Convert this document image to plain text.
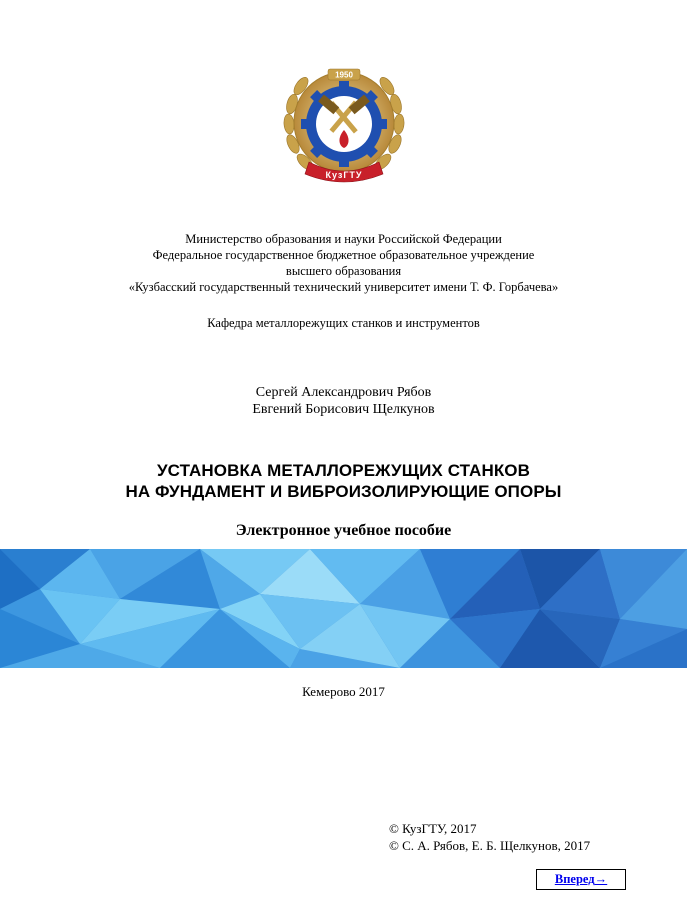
1950
КузГТУ
Министерство образования и науки Российской Федерации
Федеральное государственное бюджетное образовательное учреждение
высшего образования
«Кузбасский государственный технический университет имени Т. Ф. Горбачева»
Кафедра металлорежущих станков и инструментов
Сергей Александрович Рябов
Евгений Борисович Щелкунов
УСТАНОВКА МЕТАЛЛОРЕЖУЩИХ СТАНКОВ
НА ФУНДАМЕНТ И ВИБРОИЗОЛИРУЮЩИЕ ОПОРЫ
Электронное учебное пособие
Кемерово 2017
© КузГТУ, 2017
© С. А. Рябов, Е. Б. Щелкунов, 2017
Вперед→
